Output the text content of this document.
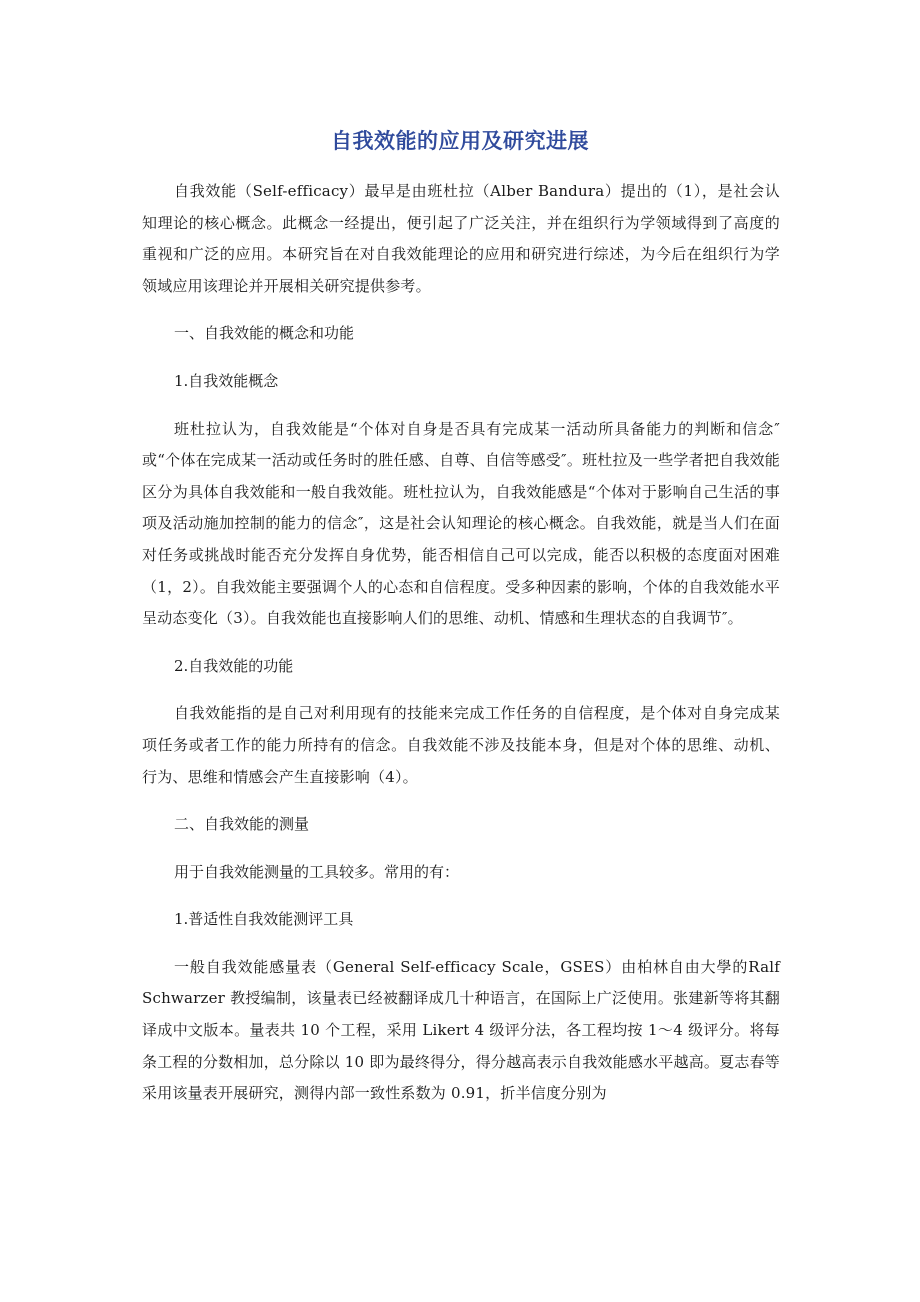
自我效能的应用及研究进展

自我效能（Self-efficacy）最早是由班杜拉（Alber Bandura）提出的（1），是社会认知理论的核心概念。此概念一经提出，便引起了广泛关注，并在组织行为学领域得到了高度的重视和广泛的应用。本研究旨在对自我效能理论的应用和研究进行综述，为今后在组织行为学领域应用该理论并开展相关研究提供参考。

一、自我效能的概念和功能

1.自我效能概念

班杜拉认为，自我效能是“个体对自身是否具有完成某一活动所具备能力的判断和信念″或“个体在完成某一活动或任务时的胜任感、自尊、自信等感受″。班杜拉及一些学者把自我效能区分为具体自我效能和一般自我效能。班杜拉认为，自我效能感是“个体对于影响自己生活的事项及活动施加控制的能力的信念″，这是社会认知理论的核心概念。自我效能，就是当人们在面对任务或挑战时能否充分发挥自身优势，能否相信自己可以完成，能否以积极的态度面对困难（1，2）。自我效能主要强调个人的心态和自信程度。受多种因素的影响，个体的自我效能水平呈动态变化（3）。自我效能也直接影响人们的思维、动机、情感和生理状态的自我调节″。

2.自我效能的功能

自我效能指的是自己对利用现有的技能来完成工作任务的自信程度，是个体对自身完成某项任务或者工作的能力所持有的信念。自我效能不涉及技能本身，但是对个体的思维、动机、行为、思维和情感会产生直接影响（4）。

二、自我效能的测量

用于自我效能测量的工具较多。常用的有：

1.普适性自我效能测评工具

一般自我效能感量表（General Self-efficacy Scale，GSES）由柏林自由大學的Ralf Schwarzer 教授编制，该量表已经被翻译成几十种语言，在国际上广泛使用。张建新等将其翻译成中文版本。量表共 10 个工程，采用 Likert 4 级评分法，各工程均按 1～4 级评分。将每条工程的分数相加，总分除以 10 即为最终得分，得分越高表示自我效能感水平越高。夏志春等采用该量表开展研究，测得内部一致性系数为 0.91，折半信度分别为
